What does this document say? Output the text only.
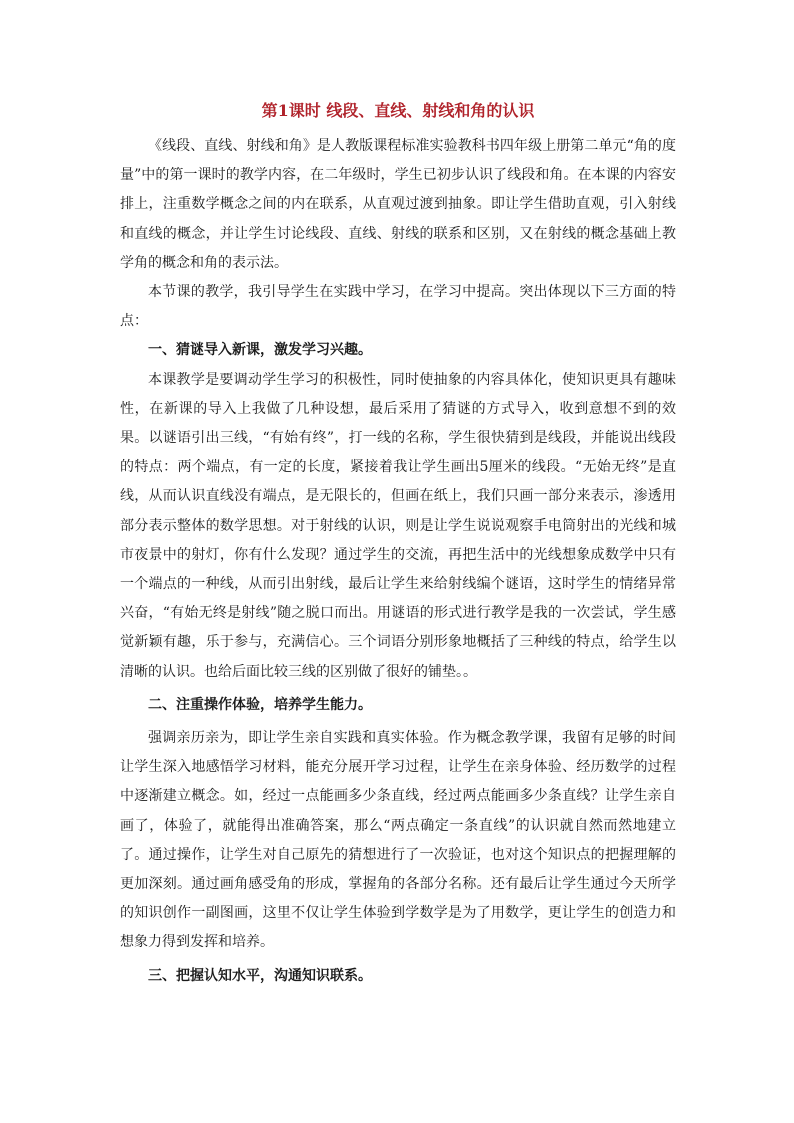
第1课时 线段、直线、射线和角的认识

《线段、直线、射线和角》是人教版课程标准实验教科书四年级上册第二单元“角的度量”中的第一课时的教学内容，在二年级时，学生已初步认识了线段和角。在本课的内容安排上，注重数学概念之间的内在联系，从直观过渡到抽象。即让学生借助直观，引入射线和直线的概念，并让学生讨论线段、直线、射线的联系和区别，又在射线的概念基础上教学角的概念和角的表示法。

本节课的教学，我引导学生在实践中学习，在学习中提高。突出体现以下三方面的特点：

一、猜谜导入新课，激发学习兴趣。

本课教学是要调动学生学习的积极性，同时使抽象的内容具体化，使知识更具有趣味性，在新课的导入上我做了几种设想，最后采用了猜谜的方式导入，收到意想不到的效果。以谜语引出三线，“有始有终”，打一线的名称，学生很快猜到是线段，并能说出线段的特点：两个端点，有一定的长度，紧接着我让学生画出5厘米的线段。“无始无终”是直线，从而认识直线没有端点，是无限长的，但画在纸上，我们只画一部分来表示，渗透用部分表示整体的数学思想。对于射线的认识，则是让学生说说观察手电筒射出的光线和城市夜景中的射灯，你有什么发现？通过学生的交流，再把生活中的光线想象成数学中只有一个端点的一种线，从而引出射线，最后让学生来给射线编个谜语，这时学生的情绪异常兴奋，“有始无终是射线”随之脱口而出。用谜语的形式进行教学是我的一次尝试，学生感觉新颖有趣，乐于参与，充满信心。三个词语分别形象地概括了三种线的特点，给学生以清晰的认识。也给后面比较三线的区别做了很好的铺垫。。

二、注重操作体验，培养学生能力。

强调亲历亲为，即让学生亲自实践和真实体验。作为概念教学课，我留有足够的时间让学生深入地感悟学习材料，能充分展开学习过程，让学生在亲身体验、经历数学的过程中逐渐建立概念。如，经过一点能画多少条直线，经过两点能画多少条直线？让学生亲自画了，体验了，就能得出准确答案，那么“两点确定一条直线”的认识就自然而然地建立了。通过操作，让学生对自己原先的猜想进行了一次验证，也对这个知识点的把握理解的更加深刻。通过画角感受角的形成，掌握角的各部分名称。还有最后让学生通过今天所学的知识创作一副图画，这里不仅让学生体验到学数学是为了用数学，更让学生的创造力和想象力得到发挥和培养。

三、把握认知水平，沟通知识联系。
